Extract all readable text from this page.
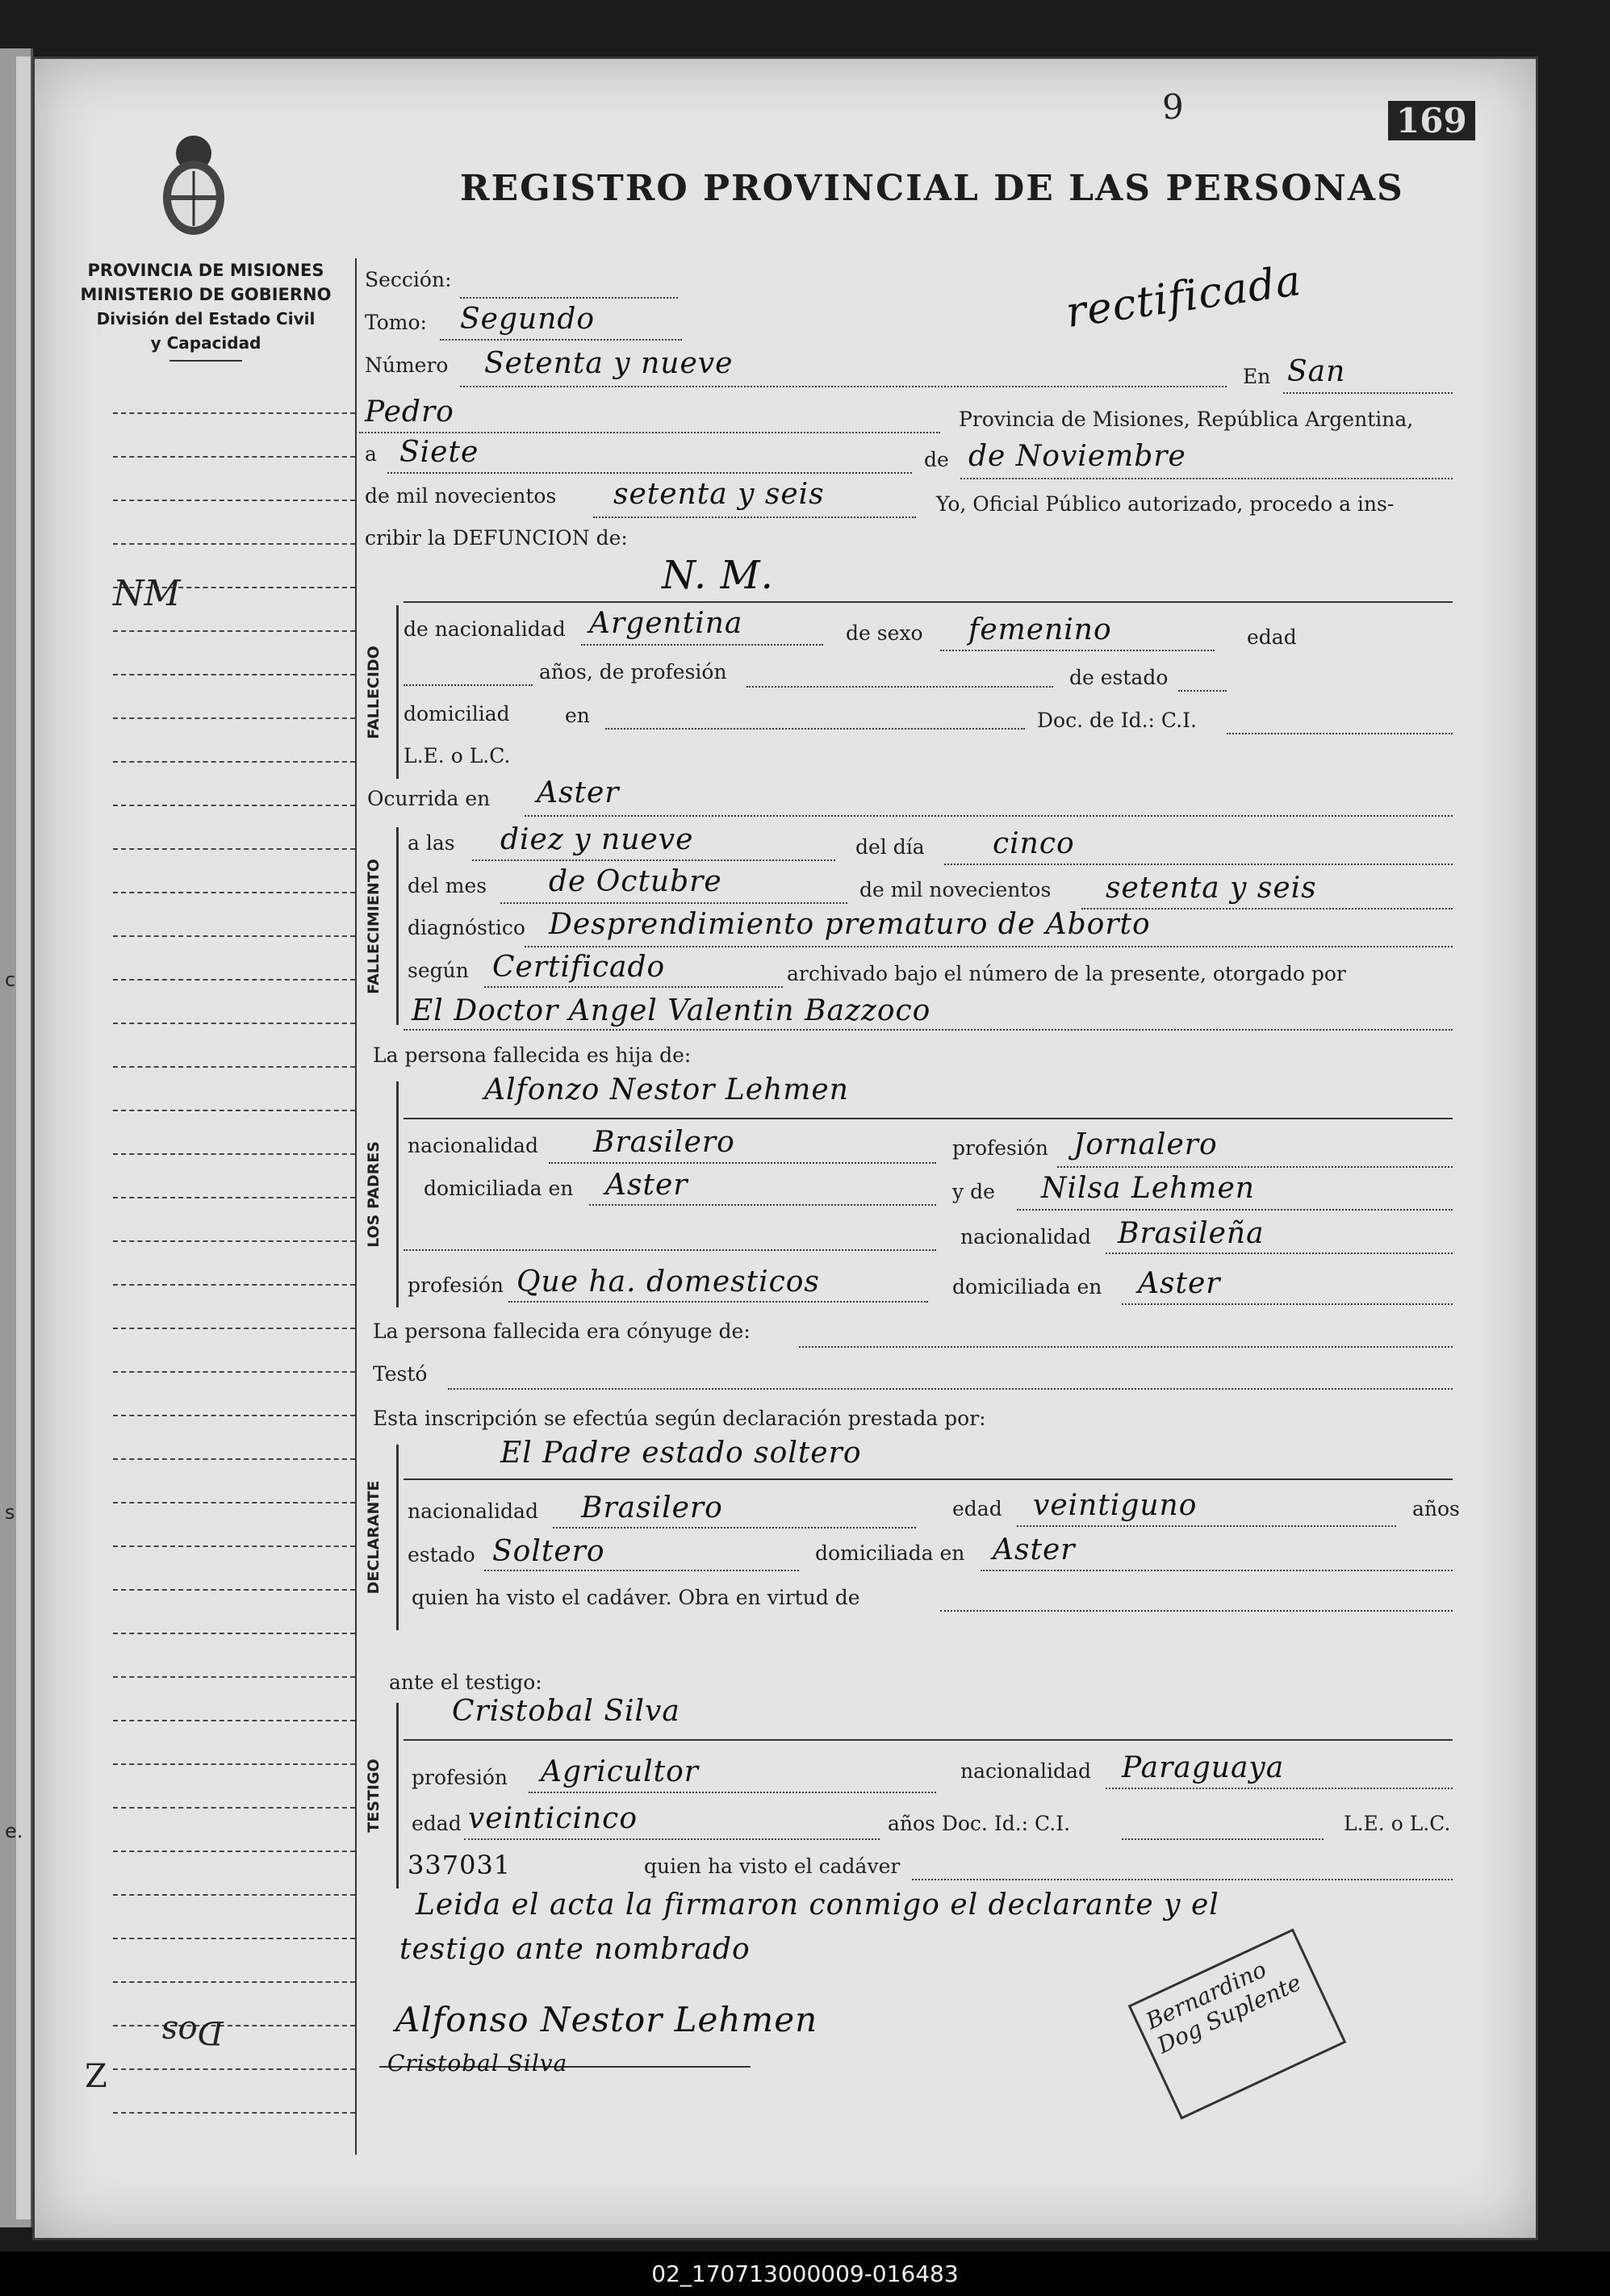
c
s
e.
9	169
REGISTRO PROVINCIAL DE LAS PERSONAS
rectificada
PROVINCIA DE MISIONES
MINISTERIO DE GOBIERNO
División del Estado Civil
y Capacidad
NM
Dos
Z
Sección:
Tomo: Segundo
Número Setenta y nueve	En San
Pedro	Provincia de Misiones, República Argentina,
a Siete	de de Noviembre
de mil novecientos setenta y seis	Yo, Oficial Público autorizado, procedo a ins-
cribir la DEFUNCION de:
FALLECIDO
N. M.
de nacionalidad Argentina	de sexo femenino	edad
años, de profesión	de estado
domiciliad	en	Doc. de Id.: C.I.
L.E. o L.C.
Ocurrida en Aster
FALLECIMIENTO
a las diez y nueve	del día cinco
del mes de Octubre	de mil novecientos setenta y seis
diagnóstico Desprendimiento prematuro de Aborto
según Certificado	archivado bajo el número de la presente, otorgado por
El Doctor Angel Valentin Bazzoco
La persona fallecida es hija de:
LOS PADRES
Alfonzo Nestor Lehmen
nacionalidad Brasilero	profesión Jornalero
domiciliada en Aster	y de Nilsa Lehmen
nacionalidad Brasileña
profesión Que ha. domesticos	domiciliada en Aster
La persona fallecida era cónyuge de:
Testó
Esta inscripción se efectúa según declaración prestada por:
DECLARANTE
El Padre estado soltero
nacionalidad Brasilero	edad veintiguno	años
estado Soltero	domiciliada en Aster
quien ha visto el cadáver. Obra en virtud de
ante el testigo:
TESTIGO
Cristobal Silva
profesión Agricultor	nacionalidad Paraguaya
edad veinticinco	años Doc. Id.: C.I.	L.E. o L.C.
337031	quien ha visto el cadáver
Leida el acta la firmaron conmigo el declarante y el
testigo ante nombrado
Alfonso Nestor Lehmen
Cristobal Silva
Bernardino Dog Suplente
02_170713000009-016483
